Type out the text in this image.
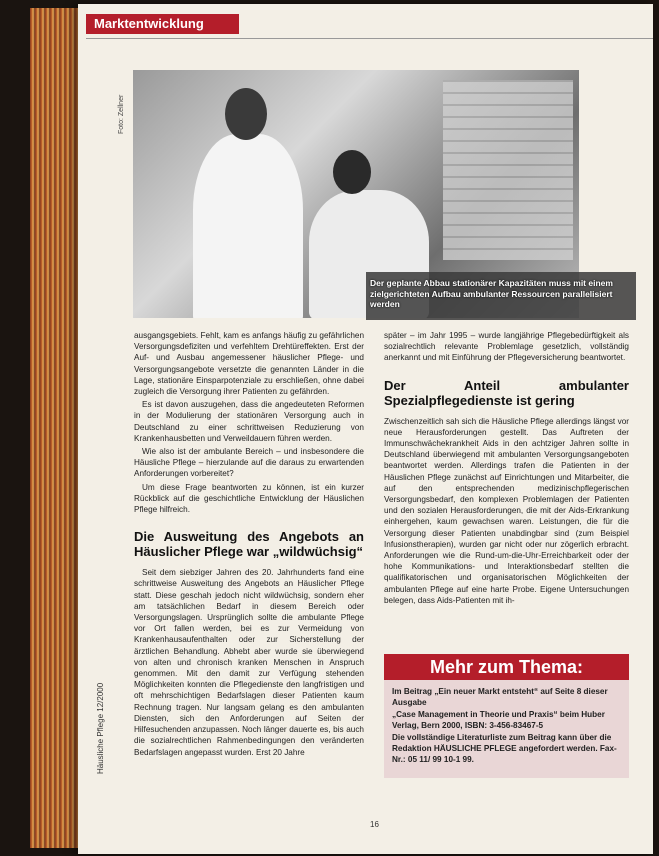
Marktentwicklung
Foto: Zellner
Der geplante Abbau stationärer Kapazitäten muss mit einem zielgerichteten Aufbau ambulanter Ressourcen parallelisiert werden

ausgangsgebiets. Fehlt, kam es anfangs häufig zu gefährlichen Versorgungsdefiziten und verfehltem Drehtüreffekten. Erst der Auf- und Ausbau angemessener häuslicher Pflege- und Versorgungsangebote versetzte die genannten Länder in die Lage, stationäre Einsparpotenziale zu erschließen, ohne dabei zugleich die Versorgung ihrer Patienten zu gefährden.

Es ist davon auszugehen, dass die angedeuteten Reformen in der Modulierung der stationären Versorgung auch in Deutschland zu einer schrittweisen Reduzierung von Krankenhausbetten und Verweildauern führen werden.

Wie also ist der ambulante Bereich – und insbesondere die Häusliche Pflege – hierzulande auf die daraus zu erwartenden Anforderungen vorbereitet?

Um diese Frage beantworten zu können, ist ein kurzer Rückblick auf die geschichtliche Entwicklung der Häuslichen Pflege hilfreich.

Die Ausweitung des Angebots an Häuslicher Pflege war „wildwüchsig“

Seit dem siebziger Jahren des 20. Jahrhunderts fand eine schrittweise Ausweitung des Angebots an Häuslicher Pflege statt. Diese geschah jedoch nicht wildwüchsig, sondern eher am tatsächlichen Bedarf in diesem Bereich oder Versorgungslagen. Ursprünglich sollte die ambulante Pflege vor Ort fallen werden, bei es zur Vermeidung von Krankenhausaufenthalten oder zur Sicherstellung der ärztlichen Behandlung. Abhebt aber wurde sie überwiegend von alten und chronisch kranken Menschen in Anspruch genommen. Mit den damit zur Verfügung stehenden Möglichkeiten konnten die Pflegedienste den langfristigen und oft mehrschichtigen Bedarfslagen dieser Patienten kaum Rechnung tragen. Nur langsam gelang es den ambulanten Diensten, sich den Anforderungen auf Seiten der Hilfesuchenden anzupassen. Noch länger dauerte es, bis auch die sozialrechtlichen Rahmenbedingungen den veränderten Bedarfslagen angepasst wurden. Erst 20 Jahre

später – im Jahr 1995 – wurde langjährige Pflegebedürftigkeit als sozialrechtlich relevante Problemlage gesetzlich, vollständig anerkannt und mit Einführung der Pflegeversicherung beantwortet.

Der Anteil ambulanter Spezialpflegedienste ist gering

Zwischenzeitlich sah sich die Häusliche Pflege allerdings längst vor neue Herausforderungen gestellt. Das Auftreten der Immunschwächekrankheit Aids in den achtziger Jahren sollte in Deutschland überwiegend mit ambulanten Versorgungsangeboten beantwortet werden. Allerdings trafen die Patienten in der Häuslichen Pflege zunächst auf Einrichtungen und Mitarbeiter, die auf den entsprechenden medizinischpflegerischen Versorgungsbedarf, den komplexen Problemlagen der Patienten und den sozialen Herausforderungen, die mit der Aids-Erkrankung einhergehen, kaum gewachsen waren. Leistungen, die für die Versorgung dieser Patienten unabdingbar sind (zum Beispiel Infusionstherapien), wurden gar nicht oder nur zögerlich erbracht. Anforderungen wie die Rund-um-die-Uhr-Erreichbarkeit oder der hohe Kommunikations- und Interaktionsbedarf stellten die qualifikatorischen und organisatorischen Möglichkeiten der ambulanten Pflege auf eine harte Probe. Eigene Untersuchungen belegen, dass Aids-Patienten mit ih-

Mehr zum Thema:
Im Beitrag „Ein neuer Markt entsteht“ auf Seite 8 dieser Ausgabe
„Case Management in Theorie und Praxis“ beim Huber Verlag, Bern 2000, ISBN: 3-456-83467-5
Die vollständige Literaturliste zum Beitrag kann über die Redaktion HÄUSLICHE PFLEGE angefordert werden. Fax-Nr.: 05 11/ 99 10-1 99.
Häusliche Pflege 12/2000
16
